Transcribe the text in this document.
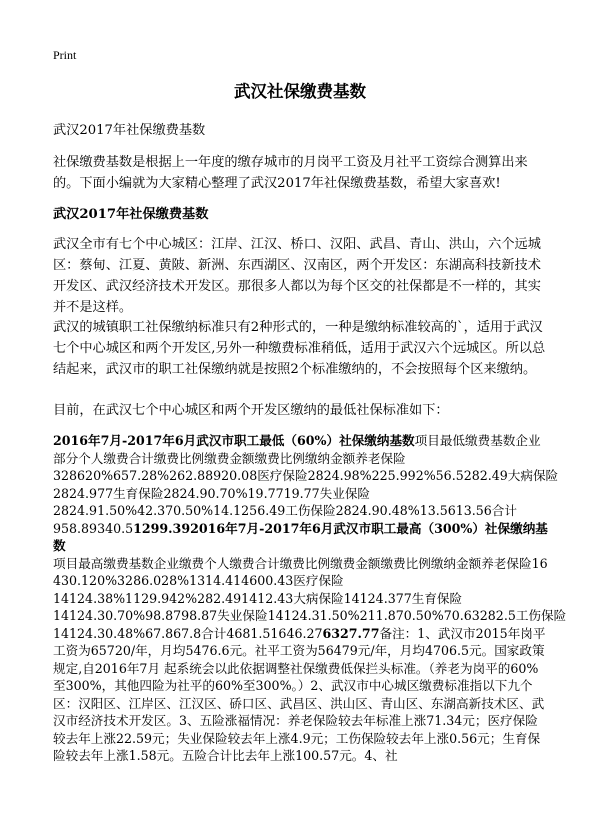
Print
武汉社保缴费基数

武汉2017年社保缴费基数

社保缴费基数是根据上一年度的缴存城市的月岗平工资及月社平工资综合测算出来的。下面小编就为大家精心整理了武汉2017年社保缴费基数，希望大家喜欢!

武汉2017年社保缴费基数

武汉全市有七个中心城区：江岸、江汉、桥口、汉阳、武昌、青山、洪山，六个远城区：蔡甸、江夏、黄陂、新洲、东西湖区、汉南区，两个开发区：东湖高科技新技术开发区、武汉经济技术开发区。那很多人都以为每个区交的社保都是不一样的，其实并不是这样。

武汉的城镇职工社保缴纳标准只有2种形式的，一种是缴纳标准较高的`，适用于武汉七个中心城区和两个开发区,另外一种缴费标准稍低，适用于武汉六个远城区。所以总结起来，武汉市的职工社保缴纳就是按照2个标准缴纳的，不会按照每个区来缴纳。

目前，在武汉七个中心城区和两个开发区缴纳的最低社保标准如下：

2016年7月-2017年6月武汉市职工最低（60%）社保缴纳基数项目最低缴费基数企业部分个人缴费合计缴费比例缴费金额缴费比例缴纳金额养老保险
328620%657.28%262.88920.08医疗保险2824.98%225.992%56.5282.49大病保险
2824.977生育保险2824.90.70%19.7719.77失业保险
2824.91.50%42.370.50%14.1256.49工伤保险2824.90.48%13.5613.56合计
958.89340.51299.392016年7月-2017年6月武汉市职工最高（300%）社保缴纳基数
项目最高缴费基数企业缴费个人缴费合计缴费比例缴费金额缴费比例缴纳金额养老保险16430.120%3286.028%1314.414600.43医疗保险
14124.38%1129.942%282.491412.43大病保险14124.377生育保险
14124.30.70%98.8798.87失业保险14124.31.50%211.870.50%70.63282.5工伤保险
14124.30.48%67.867.8合计4681.51646.276327.77备注：1、武汉市2015年岗平工资为65720/年，月均5476.6元。社平工资为56479元/年，月均4706.5元。国家政策规定,自2016年7月 起系统会以此依据调整社保缴费低保拦头标准。（养老为岗平的60%至300%，其他四险为社平的60%至300%。）2、武汉市中心城区缴费标准指以下九个区：汉阳区、江岸区、江汉区、硚口区、武昌区、洪山区、青山区、东湖高新技术区、武汉市经济技术开发区。3、五险涨福情况：养老保险较去年标准上涨71.34元；医疗保险较去年上涨22.59元；失业保险较去年上涨4.9元；工伤保险较去年上涨0.56元；生育保险较去年上涨1.58元。五险合计比去年上涨100.57元。4、社
